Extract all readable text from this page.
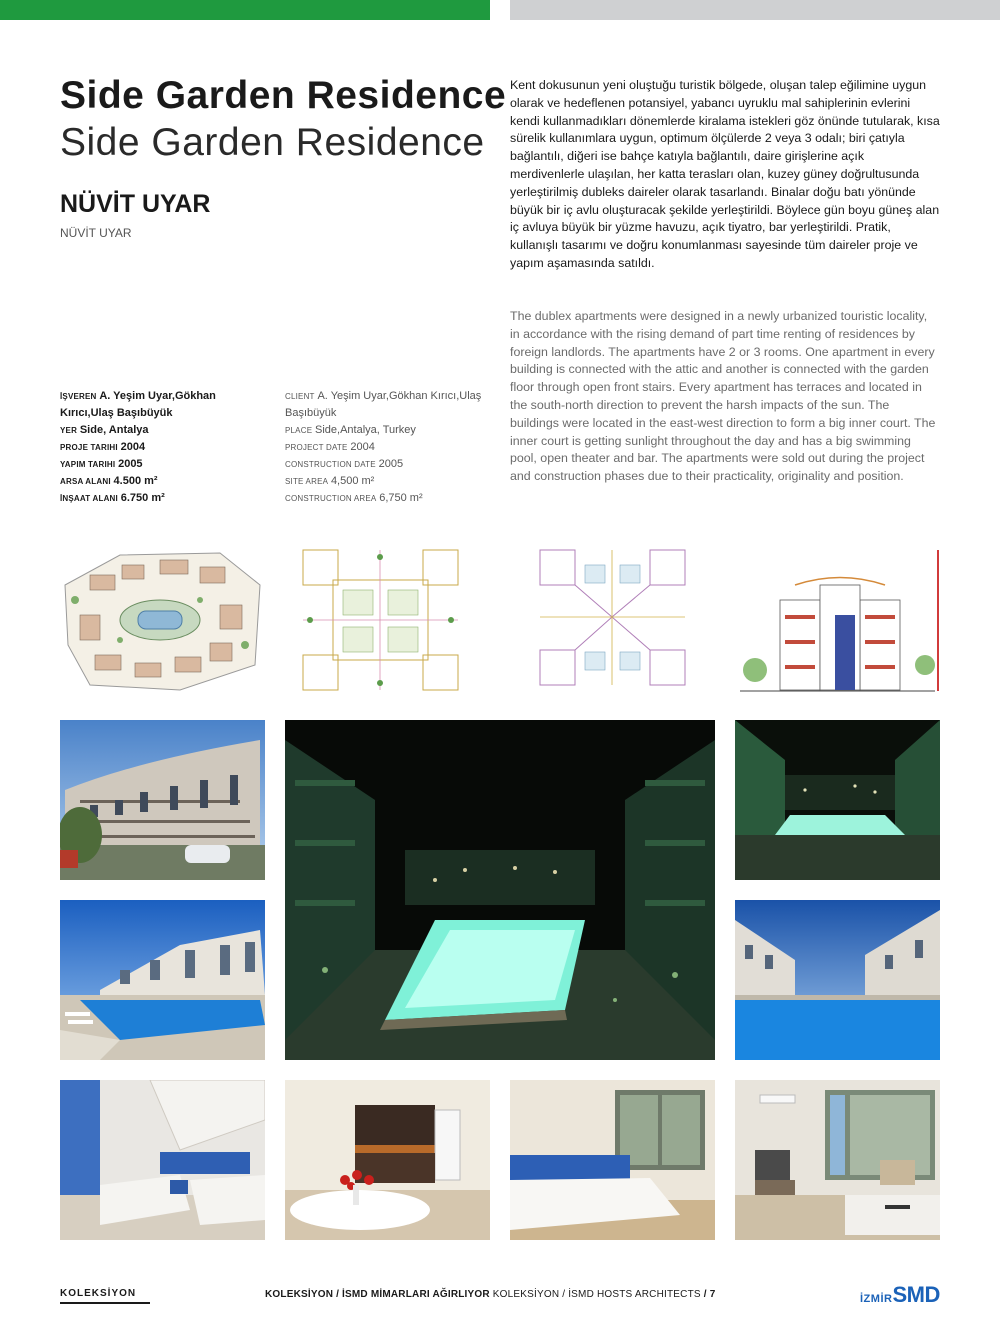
Side Garden Residence
Side Garden Residence
NÜVİT UYAR
NÜVİT UYAR

Kent dokusunun yeni oluştuğu turistik bölgede, oluşan talep eğilimine uygun olarak ve hedeflenen potansiyel, yabancı uyruklu mal sahiplerinin evlerini kendi kullanmadıkları dönemlerde kiralama istekleri göz önünde tutularak, kısa sürelik kullanımlara uygun, optimum ölçülerde 2 veya 3 odalı; biri çatıyla bağlantılı, diğeri ise bahçe katıyla bağlantılı, daire girişlerine açık merdivenlerle ulaşılan, her katta terasları olan, kuzey güney doğrultusunda yerleştirilmiş dubleks daireler olarak tasarlandı. Binalar doğu batı yönünde büyük bir iç avlu oluşturacak şekilde yerleştirildi. Böylece gün boyu güneş alan iç avluya büyük bir yüzme havuzu, açık tiyatro, bar yerleştirildi. Pratik, kullanışlı tasarımı ve doğru konumlanması sayesinde tüm daireler proje ve yapım aşamasında satıldı.

The dublex apartments were designed in a newly urbanized touristic locality, in accordance with the rising demand of part time renting of residences by foreign landlords. The apartments have 2 or 3 rooms. One apartment in every building is connected with the attic and another is connected with the garden floor through open front stairs. Every apartment has terraces and located in the south-north direction to prevent the harsh impacts of the sun. The buildings were located in the east-west direction to form a big inner court. The inner court is getting sunlight throughout the day and has a big swimming pool, open theater and bar. The apartments were sold out during the project and construction phases due to their practicality, originality and position.

İŞVEREN A. Yeşim Uyar,Gökhan Kırıcı,Ulaş Başıbüyük

YER Side, Antalya

PROJE TARIHI 2004

YAPIM TARIHI 2005

ARSA ALANI 4.500 m²

İNŞAAT ALANI 6.750 m²

CLIENT A. Yeşim Uyar,Gökhan Kırıcı,Ulaş Başıbüyük

PLACE Side,Antalya, Turkey

PROJECT DATE 2004

CONSTRUCTION DATE 2005

SITE AREA 4,500 m²

CONSTRUCTION AREA 6,750 m²

KOLEKSİYON	KOLEKSİYON / İSMD MİMARLARI AĞIRLIYOR KOLEKSİYON / İSMD HOSTS ARCHITECTS / 7	İZMİRSMD
